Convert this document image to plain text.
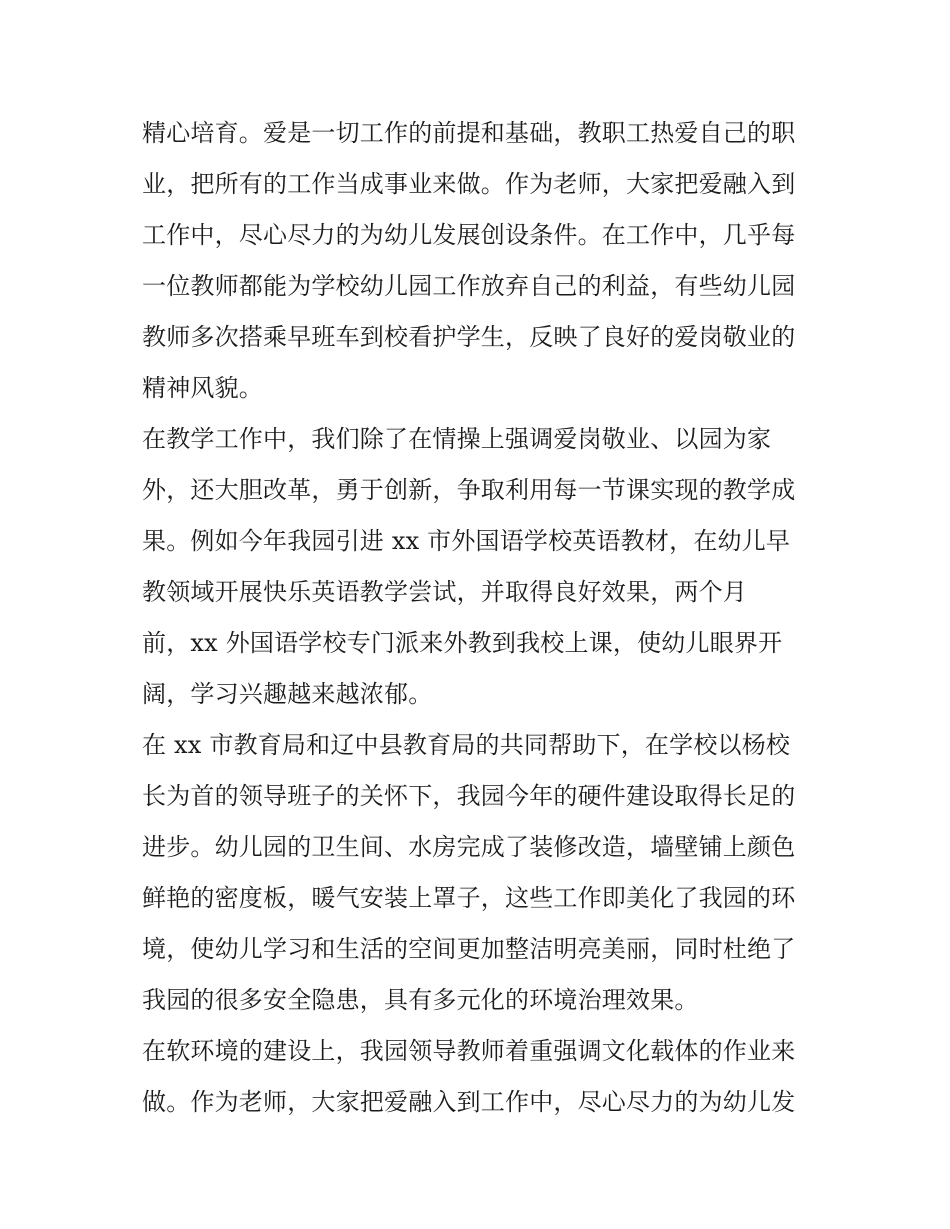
精心培育。爱是一切工作的前提和基础，教职工热爱自己的职
业，把所有的工作当成事业来做。作为老师，大家把爱融入到
工作中，尽心尽力的为幼儿发展创设条件。在工作中，几乎每
一位教师都能为学校幼儿园工作放弃自己的利益，有些幼儿园
教师多次搭乘早班车到校看护学生，反映了良好的爱岗敬业的
精神风貌。
在教学工作中，我们除了在情操上强调爱岗敬业、以园为家
外，还大胆改革，勇于创新，争取利用每一节课实现的教学成
果。例如今年我园引进 xx 市外国语学校英语教材，在幼儿早
教领域开展快乐英语教学尝试，并取得良好效果，两个月
前，xx 外国语学校专门派来外教到我校上课，使幼儿眼界开
阔，学习兴趣越来越浓郁。
在 xx 市教育局和辽中县教育局的共同帮助下，在学校以杨校
长为首的领导班子的关怀下，我园今年的硬件建设取得长足的
进步。幼儿园的卫生间、水房完成了装修改造，墙壁铺上颜色
鲜艳的密度板，暖气安装上罩子，这些工作即美化了我园的环
境，使幼儿学习和生活的空间更加整洁明亮美丽，同时杜绝了
我园的很多安全隐患，具有多元化的环境治理效果。
在软环境的建设上，我园领导教师着重强调文化载体的作业来
做。作为老师，大家把爱融入到工作中，尽心尽力的为幼儿发
